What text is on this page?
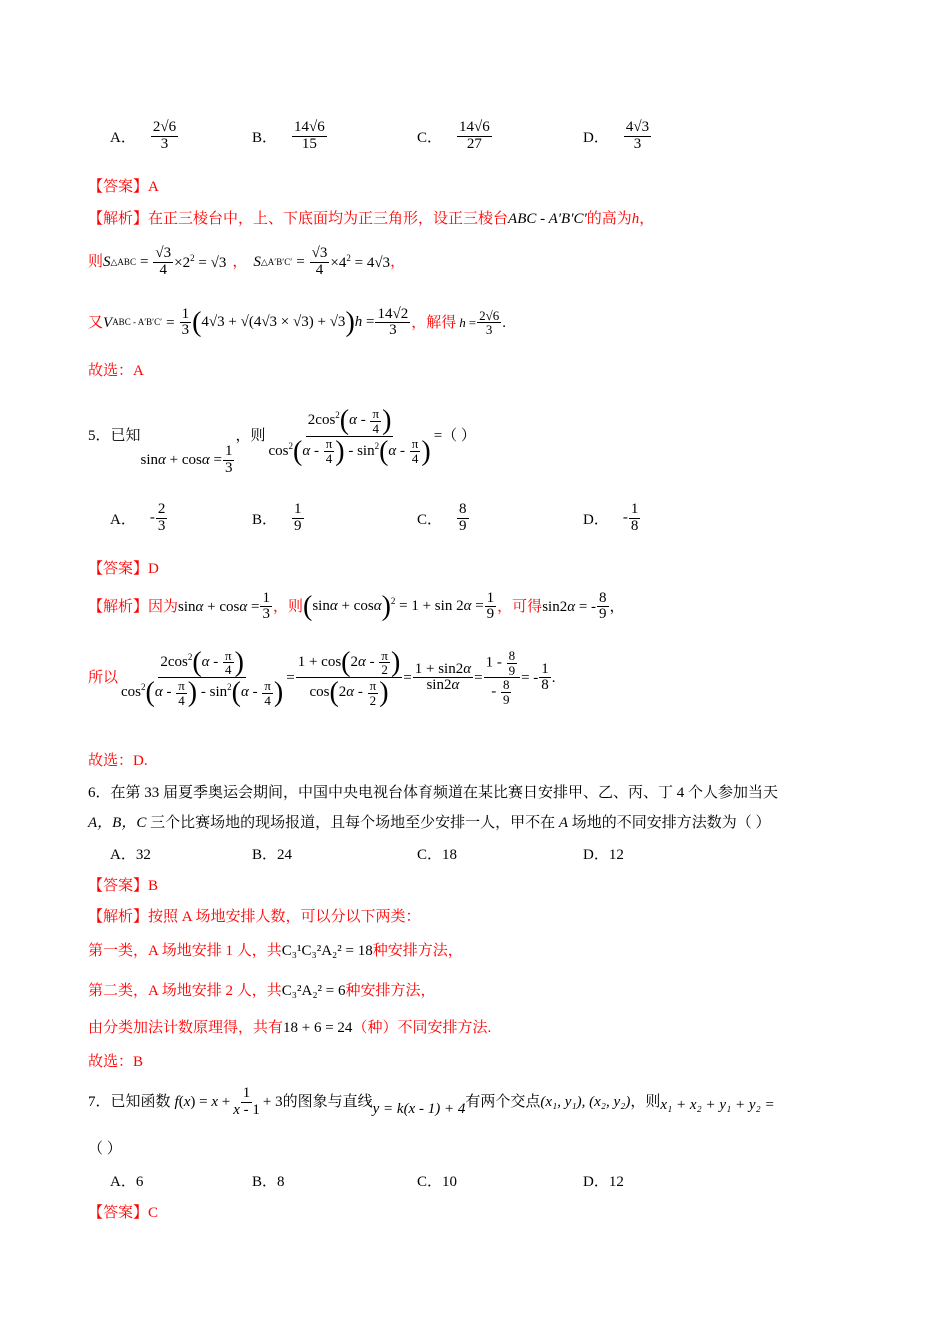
A． $\frac{2√6}{3}$	B． $\frac{14√6}{15}$	C． $\frac{14√6}{27}$	D． $\frac{4√3}{3}$
【答案】A
【解析】在正三棱台中，上、下底面均为正三角形，设正三棱台ABC - A′B′C′的高为h，
则 S △ABC = $\frac{√3}{4} \times 2^2 = √3$ ， S △A′B′C′ = $\frac{√3}{4} \times 4^2 = 4√3$ ，
又 V ABC - $A'B'C' = \frac{1}{3} (4√3 + √(4√3 \times √3) + √3)h = \frac{14√2}{3}$ ，解得 $h = \frac{2√6}{3}$ .
故选：A
5．已知
$\sin\alpha + \cos\alpha = \frac{1}{3}$
，则 $\frac{2\cos^2(\alpha - \frac{\pi}{4} )}{\cos^2(\alpha - \frac{\pi}{4} ) - \sin^2(\alpha - \frac{\pi}{4} )}$ =（ ）
A． - $\frac{2}{3}$	B． $\frac{1}{9}$	C． $\frac{8}{9}$	D． - $\frac{1}{8}$
【答案】D
【解析】 因为 $\sin\alpha + \cos\alpha = \frac{1}{3}$ ，则 $(\sin\alpha + \cos\alpha)^2 = 1 + \sin 2\alpha = \frac{1}{9}$ ，可得 sin2α = - $\frac{8}{9}$ ，
所以 $\frac{2\cos^2(\alpha - \frac{\pi}{4} )}{\cos^2(\alpha - \frac{\pi}{4} ) - \sin^2(\alpha - \frac{\pi}{4} )} = \frac{1 + \cos(2\alpha - \frac{\pi}{2} )}{\cos(2\alpha - \frac{\pi}{2} )} = \frac{1 + \sin 2\alpha}{\sin 2\alpha} = \frac{1 - \frac{8}{9}}{- \frac{8}{9}}$ = - $\frac{1}{8}$ .
故选：D.
6．在第 33 届夏季奥运会期间，中国中央电视台体育频道在某比赛日安排甲、乙、丙、丁 4 个人参加当天
A，B，C 三个比赛场地的现场报道，且每个场地至少安排一人，甲不在 A 场地的不同安排方法数为（ ）
A．32	B．24	C．18	D．12
【答案】B
【解析】按照 A 场地安排人数，可以分以下两类：
第一类，A 场地安排 1 人，共C₃¹C₃²A₂² = 18种安排方法，
第二类，A 场地安排 2 人，共C₃²A₂² = 6种安排方法，
由分类加法计数原理得，共有18 + 6 = 24（种）不同安排方法.
故选：B
7．已知函数 $f(x) = x + \frac{1}{x - 1} + 3$ 的图象与直线 y = k(x - 1) + 4 有两个交点 (x₁, y₁), (x₂, y₂) ，则 x₁ + x₂ + y₁ + y₂ =
（ ）
A．6	B．8	C．10	D．12
【答案】C
